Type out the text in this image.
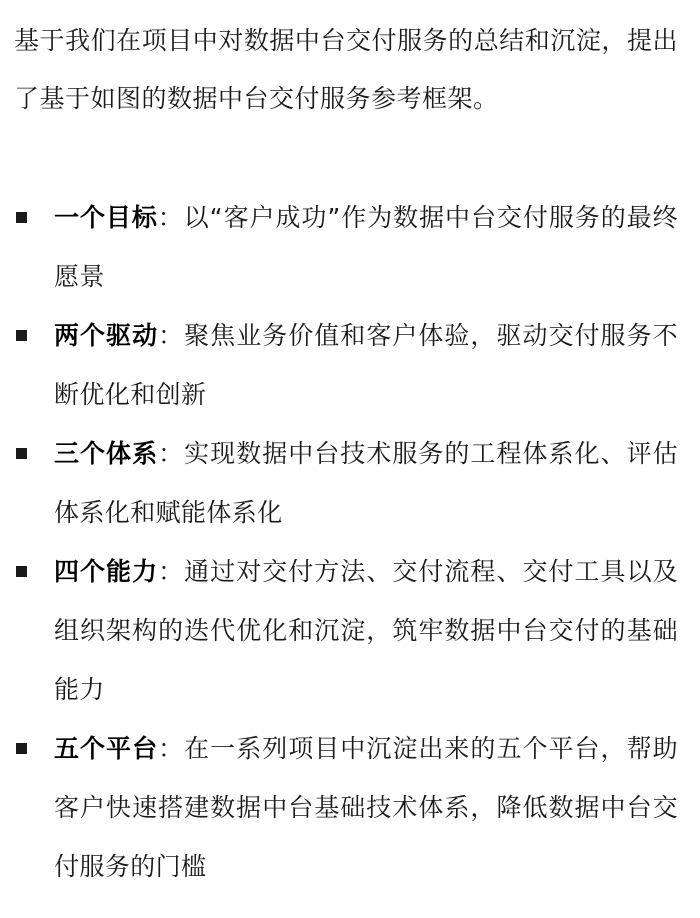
基于我们在项目中对数据中台交付服务的总结和沉淀，提出了基于如图的数据中台交付服务参考框架。

一个目标：以“客户成功”作为数据中台交付服务的最终愿景
两个驱动：聚焦业务价值和客户体验，驱动交付服务不断优化和创新
三个体系：实现数据中台技术服务的工程体系化、评估体系化和赋能体系化
四个能力：通过对交付方法、交付流程、交付工具以及组织架构的迭代优化和沉淀，筑牢数据中台交付的基础能力
五个平台：在一系列项目中沉淀出来的五个平台，帮助客户快速搭建数据中台基础技术体系，降低数据中台交付服务的门槛
